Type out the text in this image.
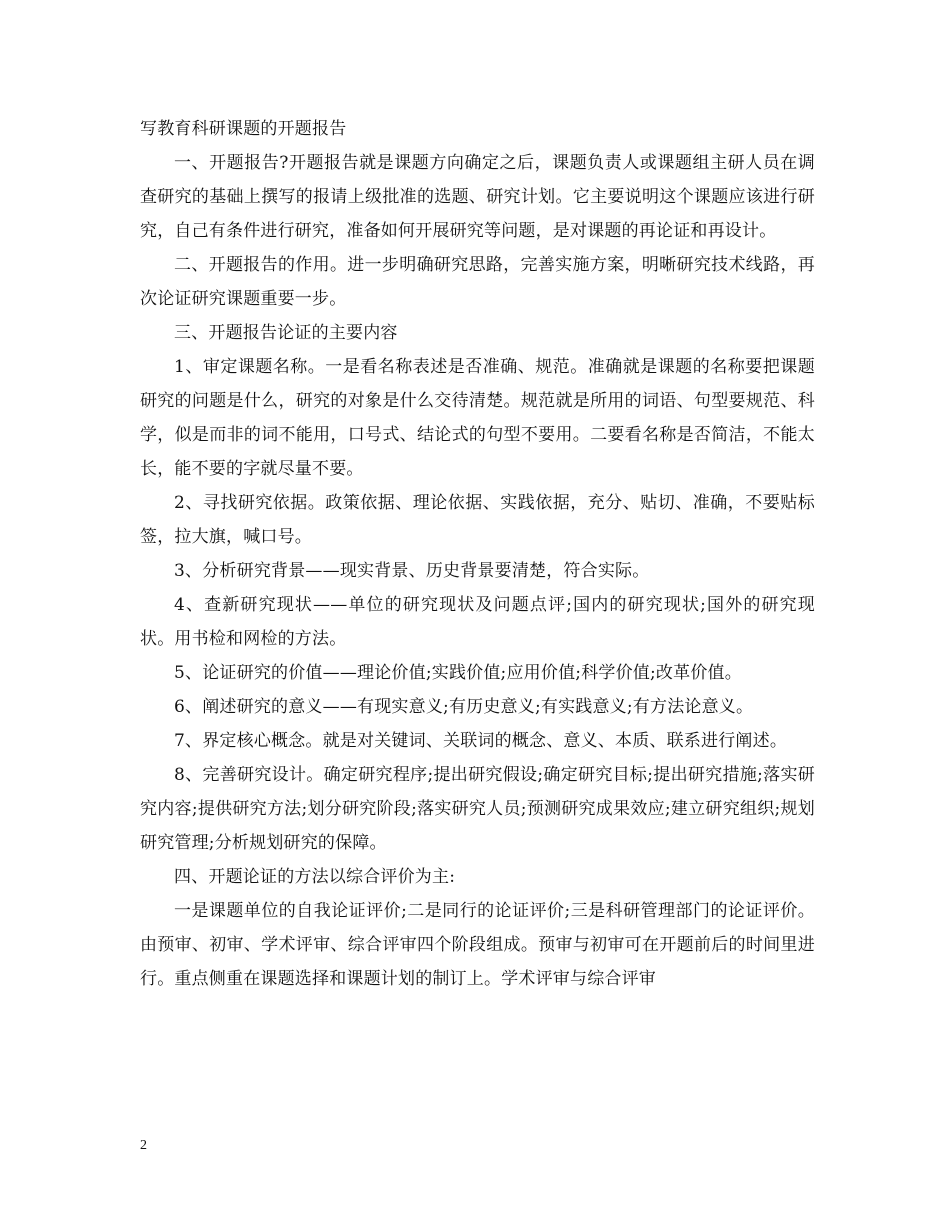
写教育科研课题的开题报告

一、开题报告?开题报告就是课题方向确定之后，课题负责人或课题组主研人员在调查研究的基础上撰写的报请上级批准的选题、研究计划。它主要说明这个课题应该进行研究，自己有条件进行研究，准备如何开展研究等问题，是对课题的再论证和再设计。

二、开题报告的作用。进一步明确研究思路，完善实施方案，明晰研究技术线路，再次论证研究课题重要一步。

三、开题报告论证的主要内容

1、审定课题名称。一是看名称表述是否准确、规范。准确就是课题的名称要把课题研究的问题是什么，研究的对象是什么交待清楚。规范就是所用的词语、句型要规范、科学，似是而非的词不能用，口号式、结论式的句型不要用。二要看名称是否简洁，不能太长，能不要的字就尽量不要。

2、寻找研究依据。政策依据、理论依据、实践依据，充分、贴切、准确，不要贴标签，拉大旗，喊口号。

3、分析研究背景——现实背景、历史背景要清楚，符合实际。

4、查新研究现状——单位的研究现状及问题点评;国内的研究现状;国外的研究现状。用书检和网检的方法。

5、论证研究的价值——理论价值;实践价值;应用价值;科学价值;改革价值。

6、阐述研究的意义——有现实意义;有历史意义;有实践意义;有方法论意义。

7、界定核心概念。就是对关键词、关联词的概念、意义、本质、联系进行阐述。

8、完善研究设计。确定研究程序;提出研究假设;确定研究目标;提出研究措施;落实研究内容;提供研究方法;划分研究阶段;落实研究人员;预测研究成果效应;建立研究组织;规划研究管理;分析规划研究的保障。

四、开题论证的方法以综合评价为主:

一是课题单位的自我论证评价;二是同行的论证评价;三是科研管理部门的论证评价。由预审、初审、学术评审、综合评审四个阶段组成。预审与初审可在开题前后的时间里进行。重点侧重在课题选择和课题计划的制订上。学术评审与综合评审

2
